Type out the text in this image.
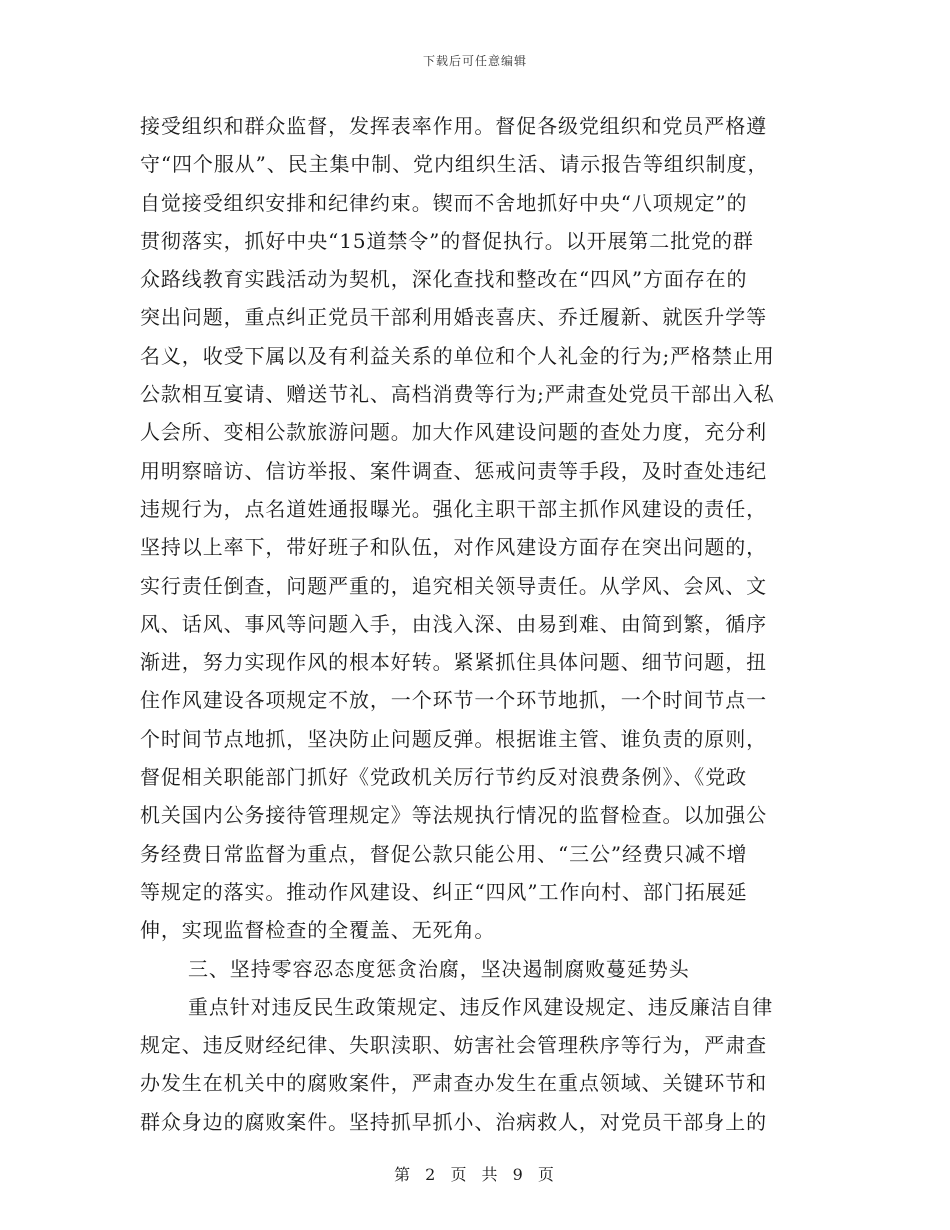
下载后可任意编辑
接受组织和群众监督，发挥表率作用。督促各级党组织和党员严格遵
守“四个服从”、民主集中制、党内组织生活、请示报告等组织制度，
自觉接受组织安排和纪律约束。锲而不舍地抓好中央“八项规定”的
贯彻落实，抓好中央“15道禁令”的督促执行。以开展第二批党的群
众路线教育实践活动为契机，深化查找和整改在“四风”方面存在的
突出问题，重点纠正党员干部利用婚丧喜庆、乔迁履新、就医升学等
名义，收受下属以及有利益关系的单位和个人礼金的行为;严格禁止用
公款相互宴请、赠送节礼、高档消费等行为;严肃查处党员干部出入私
人会所、变相公款旅游问题。加大作风建设问题的查处力度，充分利
用明察暗访、信访举报、案件调查、惩戒问责等手段，及时查处违纪
违规行为，点名道姓通报曝光。强化主职干部主抓作风建设的责任，
坚持以上率下，带好班子和队伍，对作风建设方面存在突出问题的，
实行责任倒查，问题严重的，追究相关领导责任。从学风、会风、文
风、话风、事风等问题入手，由浅入深、由易到难、由简到繁，循序
渐进，努力实现作风的根本好转。紧紧抓住具体问题、细节问题，扭
住作风建设各项规定不放，一个环节一个环节地抓，一个时间节点一
个时间节点地抓，坚决防止问题反弹。根据谁主管、谁负责的原则，
督促相关职能部门抓好《党政机关厉行节约反对浪费条例》、《党政
机关国内公务接待管理规定》等法规执行情况的监督检查。以加强公
务经费日常监督为重点，督促公款只能公用、“三公”经费只减不增
等规定的落实。推动作风建设、纠正“四风”工作向村、部门拓展延
伸，实现监督检查的全覆盖、无死角。
三、坚持零容忍态度惩贪治腐，坚决遏制腐败蔓延势头
重点针对违反民生政策规定、违反作风建设规定、违反廉洁自律
规定、违反财经纪律、失职渎职、妨害社会管理秩序等行为，严肃查
办发生在机关中的腐败案件，严肃查办发生在重点领域、关键环节和
群众身边的腐败案件。坚持抓早抓小、治病救人，对党员干部身上的
第 2 页 共 9 页
